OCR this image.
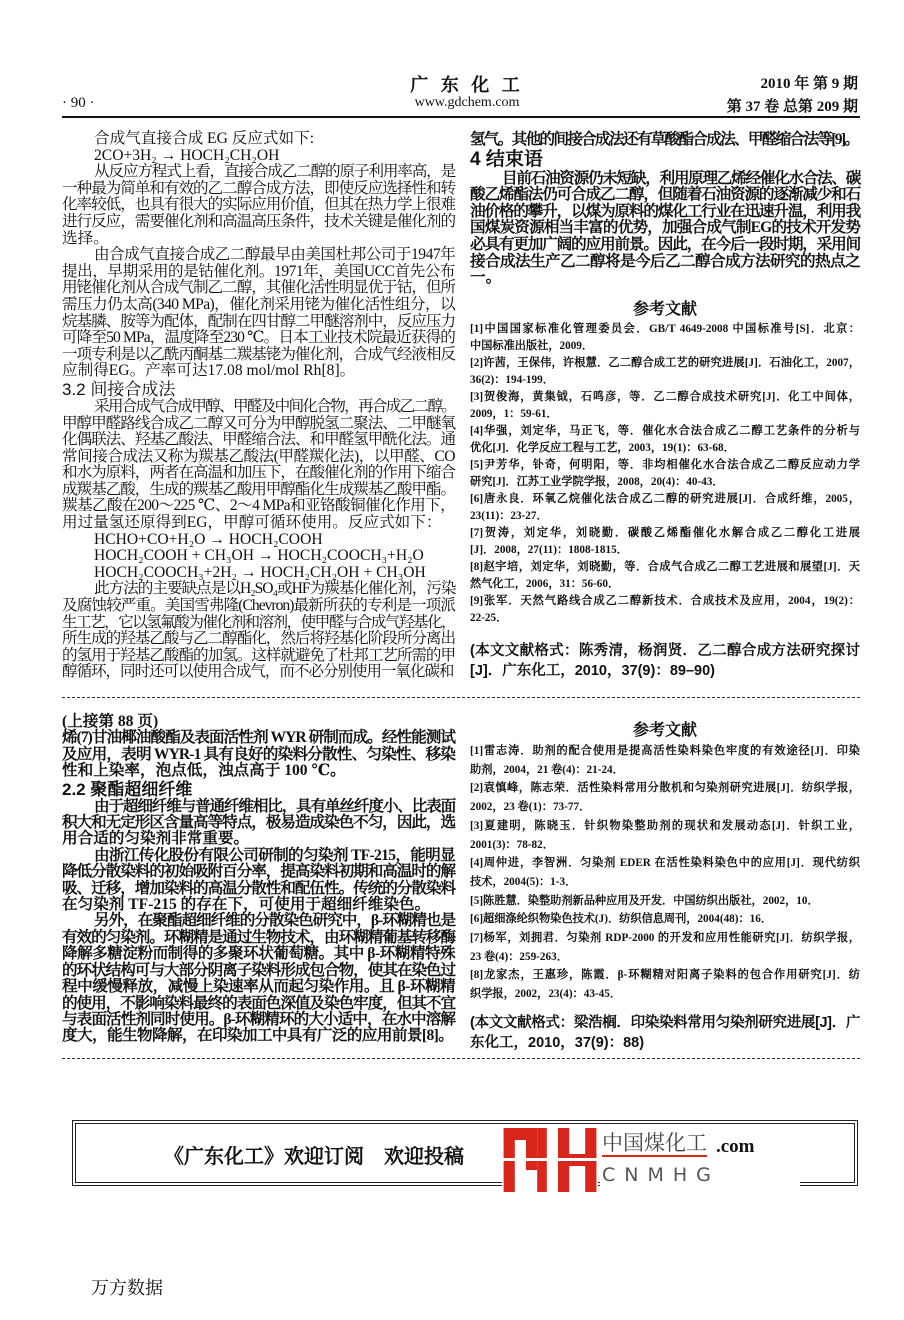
广 东 化 工	2010 年 第 9 期
· 90 ·	www.gdchem.com	第 37 卷 总第 209 期
合成气直接合成 EG 反应式如下:
2CO+3H₂ → HOCH₂CH₂OH
从反应方程式上看，直接合成乙二醇的原子利用率高，是
一种最为简单和有效的乙二醇合成方法，即使反应选择性和转
化率较低，也具有很大的实际应用价值，但其在热力学上很难
进行反应，需要催化剂和高温高压条件，技术关键是催化剂的
选择。
由合成气直接合成乙二醇最早由美国杜邦公司于1947年
提出，早期采用的是钴催化剂。1971年，美国UCC首先公布
用铑催化剂从合成气制乙二醇，其催化活性明显优于钴，但所
需压力仍太高(340 MPa)，催化剂采用铑为催化活性组分，以
烷基膦、胺等为配体，配制在四甘醇二甲醚溶剂中，反应压力
可降至50 MPa，温度降至230 ℃。日本工业技术院最近获得的
一项专利是以乙酰丙酮基二羰基铑为催化剂，合成气经液相反
应制得EG。产率可达17.08 mol/mol Rh[8]。
3.2 间接合成法
采用合成气合成甲醇、甲醛及中间化合物，再合成乙二醇。
甲醇甲醛路线合成乙二醇又可分为甲醇脱氢二聚法、二甲醚氧
化偶联法、羟基乙酸法、甲醛缩合法、和甲醛氢甲酰化法。通
常间接合成法又称为羰基乙酸法(甲醛羰化法)，以甲醛、CO
和水为原料，两者在高温和加压下，在酸催化剂的作用下缩合
成羰基乙酸，生成的羰基乙酸用甲醇酯化生成羰基乙酸甲酯。
羰基乙酸在200～225 ℃、2～4 MPa和亚铬酸铜催化作用下，
用过量氢还原得到EG，甲醇可循环使用。反应式如下：
HCHO+CO+H₂O → HOCH₂COOH
HOCH₂COOH + CH₃OH → HOCH₂COOCH₃+H₂O
HOCH₂COOCH₃+2H₂ → HOCH₂CH₂OH + CH₃OH
此方法的主要缺点是以H₂SO₄或HF为羰基化催化剂，污染
及腐蚀较严重。美国雪弗隆(Chevron)最新所获的专利是一项派
生工艺，它以氢氟酸为催化剂和溶剂，使甲醛与合成气羟基化，
所生成的羟基乙酸与乙二醇酯化，然后将羟基化阶段所分离出
的氢用于羟基乙酸酯的加氢。这样就避免了杜邦工艺所需的甲
醇循环，同时还可以使用合成气，而不必分别使用一氧化碳和
氢气。其他的间接合成法还有草酸酯合成法、甲醛缩合法等[9]。
4 结束语
目前石油资源仍未短缺，利用原理乙烯经催化水合法、碳
酸乙烯酯法仍可合成乙二醇，但随着石油资源的逐渐减少和石
油价格的攀升，以煤为原料的煤化工行业在迅速升温，利用我
国煤炭资源相当丰富的优势，加强合成气制EG的技术开发势
必具有更加广阔的应用前景。因此，在今后一段时期，采用间
接合成法生产乙二醇将是今后乙二醇合成方法研究的热点之
一。
参考文献
[1]中国国家标准化管理委员会．GB/T 4649-2008 中国标准号[S]．北京：
中国标准出版社，2009．
[2]许茜，王保伟，许根慧．乙二醇合成工艺的研究进展[J]．石油化工，2007，
36(2)：194-199．
[3]贺俊海，黄集钺，石鸣彦，等．乙二醇合成技术研究[J]．化工中间体，
2009，1：59-61．
[4]华强，刘定华，马正飞，等．催化水合法合成乙二醇工艺条件的分析与
优化[J]．化学反应工程与工艺，2003，19(1)：63-68．
[5]尹芳华，钋奇，何明阳，等．非均相催化水合法合成乙二醇反应动力学
研究[J]．江苏工业学院学报，2008，20(4)：40-43．
[6]唐永良．环氧乙烷催化法合成乙二醇的研究进展[J]．合成纤维，2005，
23(11)：23-27．
[7]贺涛，刘定华，刘晓勤．碳酸乙烯酯催化水解合成乙二醇化工进展
[J]．2008，27(11)：1808-1815．
[8]赵宇培，刘定华，刘晓勤，等．合成气合成乙二醇工艺进展和展望[J]．天
然气化工，2006，31：56-60．
[9]张军．天然气路线合成乙二醇新技术．合成技术及应用，2004，19(2)：
22-25．
(本文文献格式：陈秀清，杨润贤．乙二醇合成方法研究探讨
[J]．广东化工，2010，37(9)：89–90)
(上接第 88 页)
烯(7)甘油椰油酸酯及表面活性剂 WYR 研制而成。经性能测试
及应用，表明 WYR-1 具有良好的染料分散性、匀染性、移染
性和上染率，泡点低，浊点高于 100 ℃。
2.2 聚酯超细纤维
由于超细纤维与普通纤维相比，具有单丝纤度小、比表面
积大和无定形区含量高等特点，极易造成染色不匀，因此，选
用合适的匀染剂非常重要。
由浙江传化股份有限公司研制的匀染剂 TF-215，能明显
降低分散染料的初始吸附百分率，提高染料初期和高温时的解
吸、迁移，增加染料的高温分散性和配伍性。传统的分散染料
在匀染剂 TF-215 的存在下，可使用于超细纤维染色。
另外，在聚酯超细纤维的分散染色研究中，β-环糊精也是
有效的匀染剂。环糊精是通过生物技术，由环糊精葡基转移酶
降解多糖淀粉而制得的多聚环状葡萄糖。其中 β-环糊精特殊
的环状结构可与大部分阴离子染料形成包合物，使其在染色过
程中缓慢释放，减慢上染速率从而起匀染作用。且 β-环糊精
的使用，不影响染料最终的表面色深值及染色牢度，但其不宜
与表面活性剂同时使用。β-环糊精环的大小适中，在水中溶解
度大，能生物降解，在印染加工中具有广泛的应用前景[8]。
参考文献
[1]雷志涛．助剂的配合使用是提高活性染料染色牢度的有效途径[J]．印染
助剂，2004，21 卷(4)：21-24．
[2]袁慎峰，陈志荣．活性染料常用分散机和匀染剂研究进展[J]．纺织学报，
2002，23 卷(1)：73-77．
[3]夏建明，陈晓玉．针织物染整助剂的现状和发展动态[J]．针织工业，
2001(3)：78-82．
[4]周仲进，李智洲．匀染剂 EDER 在活性染料染色中的应用[J]．现代纺织
技术，2004(5)：1-3．
[5]陈胜慧．染整助剂新品种应用及开发．中国纺织出版社，2002，10．
[6]超细涤纶织物染色技术(J)．纺织信息周刊，2004(48)：16．
[7]杨军，刘拥君．匀染剂 RDP-2000 的开发和应用性能研究[J]．纺织学报，
23 卷(4)：259-263．
[8]龙家杰，王惠珍，陈霞．β-环糊精对阳离子染料的包合作用研究[J]．纺
织学报，2002，23(4)：43-45．
(本文文献格式：梁浩榈．印染染料常用匀染剂研究进展[J]．广
东化工，2010，37(9)：88)
《广东化工》欢迎订阅　欢迎投稿
中国煤化工 .com
CNMHG
万方数据
